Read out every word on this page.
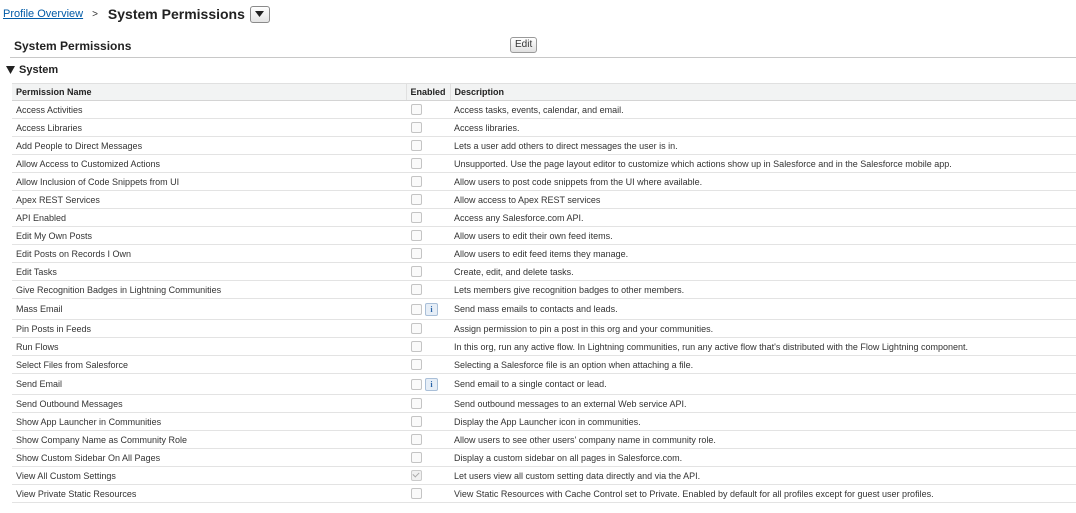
Profile Overview > System Permissions
System Permissions	Edit
System
Permission Name	Enabled	Description
Access Activities		Access tasks, events, calendar, and email.
Access Libraries		Access libraries.
Add People to Direct Messages		Lets a user add others to direct messages the user is in.
Allow Access to Customized Actions		Unsupported. Use the page layout editor to customize which actions show up in Salesforce and in the Salesforce mobile app.
Allow Inclusion of Code Snippets from UI		Allow users to post code snippets from the UI where available.
Apex REST Services		Allow access to Apex REST services
API Enabled		Access any Salesforce.com API.
Edit My Own Posts		Allow users to edit their own feed items.
Edit Posts on Records I Own		Allow users to edit feed items they manage.
Edit Tasks		Create, edit, and delete tasks.
Give Recognition Badges in Lightning Communities		Lets members give recognition badges to other members.
Mass Email	i	Send mass emails to contacts and leads.
Pin Posts in Feeds		Assign permission to pin a post in this org and your communities.
Run Flows		In this org, run any active flow. In Lightning communities, run any active flow that's distributed with the Flow Lightning component.
Select Files from Salesforce		Selecting a Salesforce file is an option when attaching a file.
Send Email	i	Send email to a single contact or lead.
Send Outbound Messages		Send outbound messages to an external Web service API.
Show App Launcher in Communities		Display the App Launcher icon in communities.
Show Company Name as Community Role		Allow users to see other users' company name in community role.
Show Custom Sidebar On All Pages		Display a custom sidebar on all pages in Salesforce.com.
View All Custom Settings		Let users view all custom setting data directly and via the API.
View Private Static Resources		View Static Resources with Cache Control set to Private. Enabled by default for all profiles except for guest user profiles.
